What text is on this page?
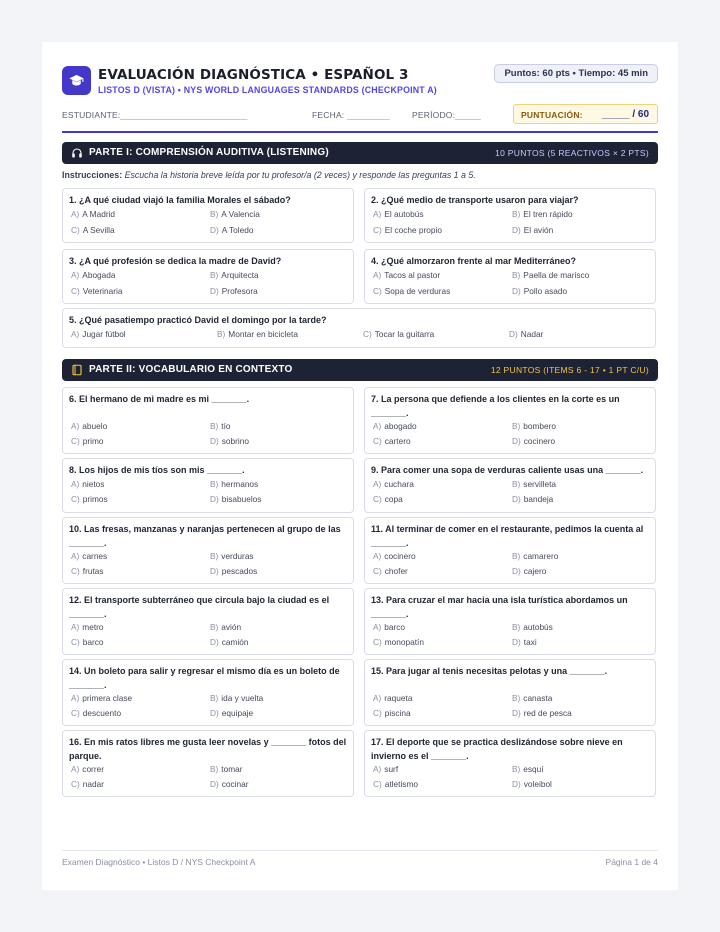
EVALUACIÓN DIAGNÓSTICA • ESPAÑOL 3
LISTOS D (VISTA) • NYS WORLD LANGUAGES STANDARDS (CHECKPOINT A)
Puntos: 60 pts • Tiempo: 45 min
ESTUDIANTE: ______________________________	FECHA: __________	PERÍODO: ______	PUNTUACIÓN: _____ / 60
PARTE I: COMPRENSIÓN AUDITIVA (LISTENING)	10 PUNTOS (5 REACTIVOS × 2 PTS)
Instrucciones: Escucha la historia breve leída por tu profesor/a (2 veces) y responde las preguntas 1 a 5.
1. ¿A qué ciudad viajó la familia Morales el sábado?
A) A Madrid	B) A Valencia
C) A Sevilla	D) A Toledo
2. ¿Qué medio de transporte usaron para viajar?
A) El autobús	B) El tren rápido
C) El coche propio	D) El avión
3. ¿A qué profesión se dedica la madre de David?
A) Abogada	B) Arquitecta
C) Veterinaria	D) Profesora
4. ¿Qué almorzaron frente al mar Mediterráneo?
A) Tacos al pastor	B) Paella de marisco
C) Sopa de verduras	D) Pollo asado
5. ¿Qué pasatiempo practicó David el domingo por la tarde?
A) Jugar fútbol	B) Montar en bicicleta	C) Tocar la guitarra	D) Nadar
PARTE II: VOCABULARIO EN CONTEXTO	12 PUNTOS (ITEMS 6 - 17 • 1 PT C/U)
6. El hermano de mi madre es mi _______.
A) abuelo	B) tío
C) primo	D) sobrino
7. La persona que defiende a los clientes en la corte es un _______.
A) abogado	B) bombero
C) cartero	D) cocinero
8. Los hijos de mis tíos son mis _______.
A) nietos	B) hermanos
C) primos	D) bisabuelos
9. Para comer una sopa de verduras caliente usas una _______.
A) cuchara	B) servilleta
C) copa	D) bandeja
10. Las fresas, manzanas y naranjas pertenecen al grupo de las _______.
A) carnes	B) verduras
C) frutas	D) pescados
11. Al terminar de comer en el restaurante, pedimos la cuenta al _______.
A) cocinero	B) camarero
C) chofer	D) cajero
12. El transporte subterráneo que circula bajo la ciudad es el _______.
A) metro	B) avión
C) barco	D) camión
13. Para cruzar el mar hacia una isla turística abordamos un _______.
A) barco	B) autobús
C) monopatín	D) taxi
14. Un boleto para salir y regresar el mismo día es un boleto de _______.
A) primera clase	B) ida y vuelta
C) descuento	D) equipaje
15. Para jugar al tenis necesitas pelotas y una _______.
A) raqueta	B) canasta
C) piscina	D) red de pesca
16. En mis ratos libres me gusta leer novelas y _______ fotos del parque.
A) correr	B) tomar
C) nadar	D) cocinar
17. El deporte que se practica deslizándose sobre nieve en invierno es el _______.
A) surf	B) esquí
C) atletismo	D) voleibol
Examen Diagnóstico • Listos D / NYS Checkpoint A	Página 1 de 4
